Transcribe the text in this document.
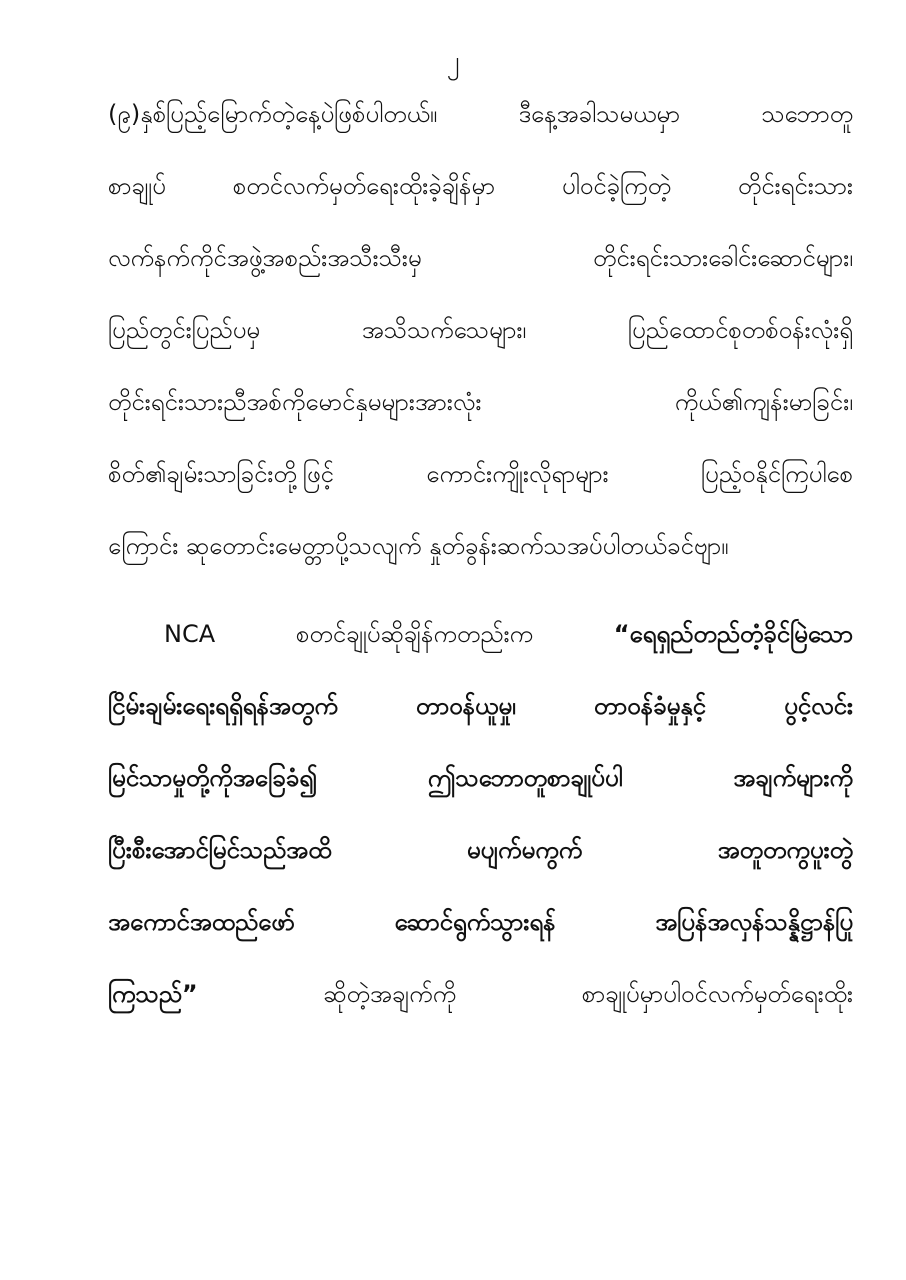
၂
(၉)နှစ်ပြည့်မြောက်တဲ့နေ့ပဲဖြစ်ပါတယ်။ ဒီနေ့အခါသမယမှာ သဘောတူ
စာချုပ် စတင်လက်မှတ်ရေးထိုးခဲ့ချိန်မှာ ပါဝင်ခဲ့ကြတဲ့ တိုင်းရင်းသား
လက်နက်ကိုင်အဖွဲ့အစည်းအသီးသီးမှ တိုင်းရင်းသားခေါင်းဆောင်များ၊
ပြည်တွင်းပြည်ပမှ အသိသက်သေများ၊ ပြည်ထောင်စုတစ်ဝန်းလုံးရှိ
တိုင်းရင်းသားညီအစ်ကိုမောင်နှမများအားလုံး ကိုယ်၏ကျန်းမာခြင်း၊
စိတ်၏ချမ်းသာခြင်းတို့ဖြင့် ကောင်းကျိုးလိုရာများ ပြည့်ဝနိုင်ကြပါစေ
ကြောင်း ဆုတောင်းမေတ္တာပို့သလျက် နှုတ်ခွန်းဆက်သအပ်ပါတယ်ခင်ဗျာ။
NCA စတင်ချုပ်ဆိုချိန်ကတည်းက “ရေရှည်တည်တံ့ခိုင်မြဲသော
ငြိမ်းချမ်းရေးရရှိရန်အတွက် တာဝန်ယူမှု၊ တာဝန်ခံမှုနှင့် ပွင့်လင်း
မြင်သာမှုတို့ကိုအခြေခံ၍ ဤသဘောတူစာချုပ်ပါ အချက်များကို
ပြီးစီးအောင်မြင်သည်အထိ မပျက်မကွက် အတူတကွပူးတွဲ
အကောင်အထည်ဖော် ဆောင်ရွက်သွားရန် အပြန်အလှန်သန္နိဋ္ဌာန်ပြု
ကြသည်”	ဆိုတဲ့အချက်ကို စာချုပ်မှာပါဝင်လက်မှတ်ရေးထိုး
